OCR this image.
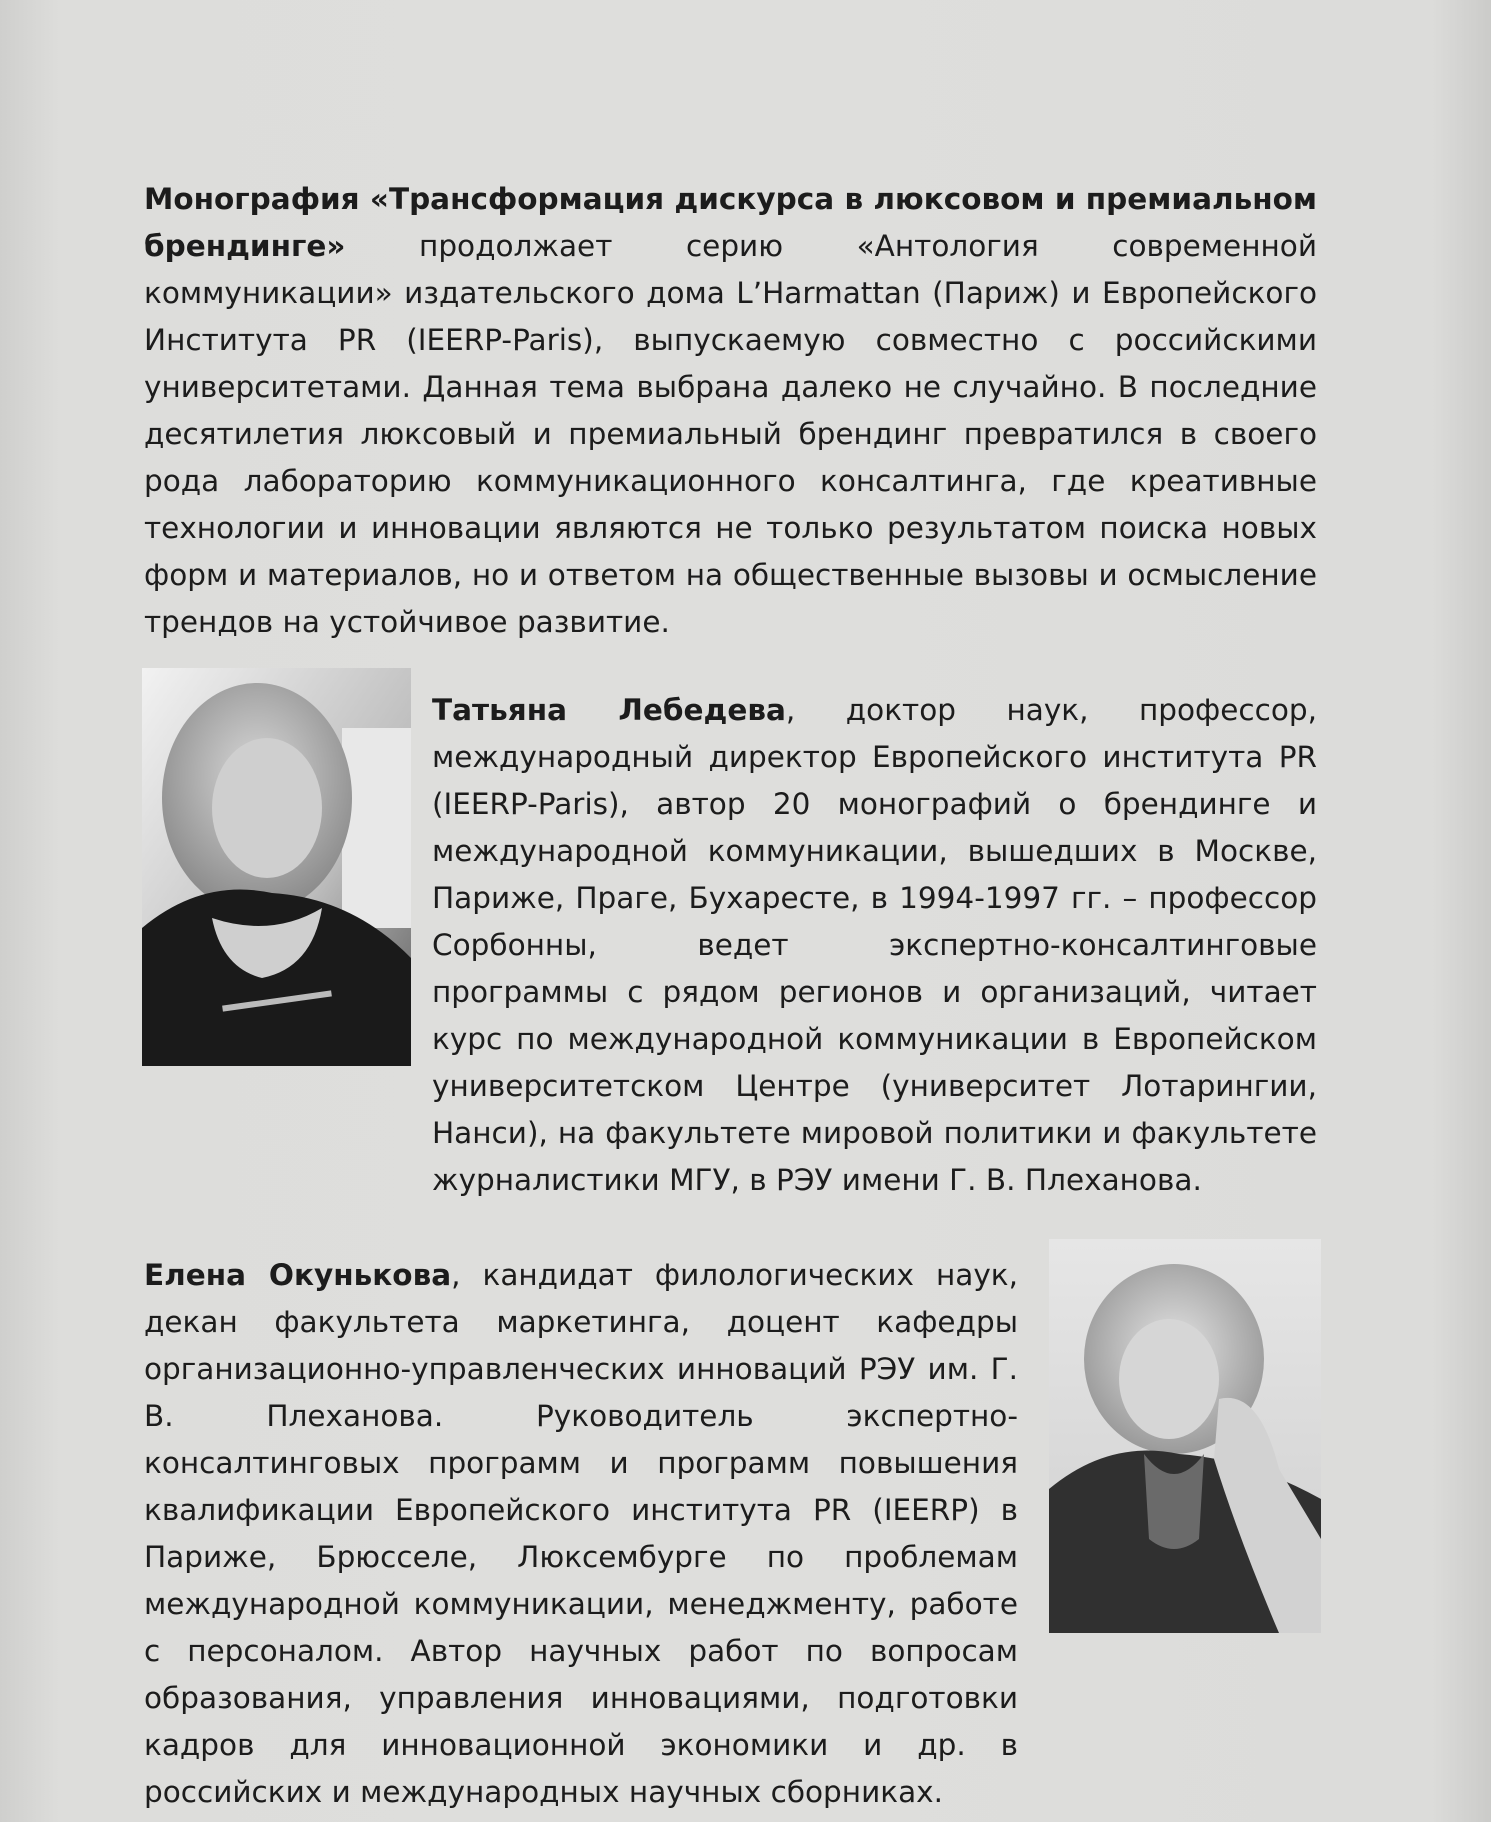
Монография «Трансформация дискурса в люксовом и премиальном брендинге» продолжает серию «Антология современной коммуникации» издательского дома L’Harmattan (Париж) и Европейского Института PR (IEERP-Paris), выпускаемую совместно с российскими университетами. Данная тема выбрана далеко не случайно. В последние десятилетия люксовый и премиальный брендинг превратился в своего рода лабораторию коммуникационного консалтинга, где креативные технологии и инновации являются не только результатом поиска новых форм и материалов, но и ответом на общественные вызовы и осмысление трендов на устойчивое развитие.

Татьяна Лебедева, доктор наук, профессор, международный директор Европейского института PR (IEERP-Paris), автор 20 монографий о брендинге и международной коммуникации, вышедших в Москве, Париже, Праге, Бухаресте, в 1994-1997 гг. – профессор Сорбонны, ведет экспертно-консалтинговые программы с рядом регионов и организаций, читает курс по международной коммуникации в Европейском университетском Центре (университет Лотарингии, Нанси), на факультете мировой политики и факультете журналистики МГУ, в РЭУ имени Г. В. Плеханова.

Елена Окунькова, кандидат филологических наук, декан факультета маркетинга, доцент кафедры организационно-управленческих инноваций РЭУ им. Г. В. Плеханова. Руководитель экспертно-консалтинговых программ и программ повышения квалификации Европейского института PR (IEERP) в Париже, Брюсселе, Люксембурге по проблемам международной коммуникации, менеджменту, работе с персоналом. Автор научных работ по вопросам образования, управления инновациями, подготовки кадров для инновационной экономики и др. в российских и международных научных сборниках.
